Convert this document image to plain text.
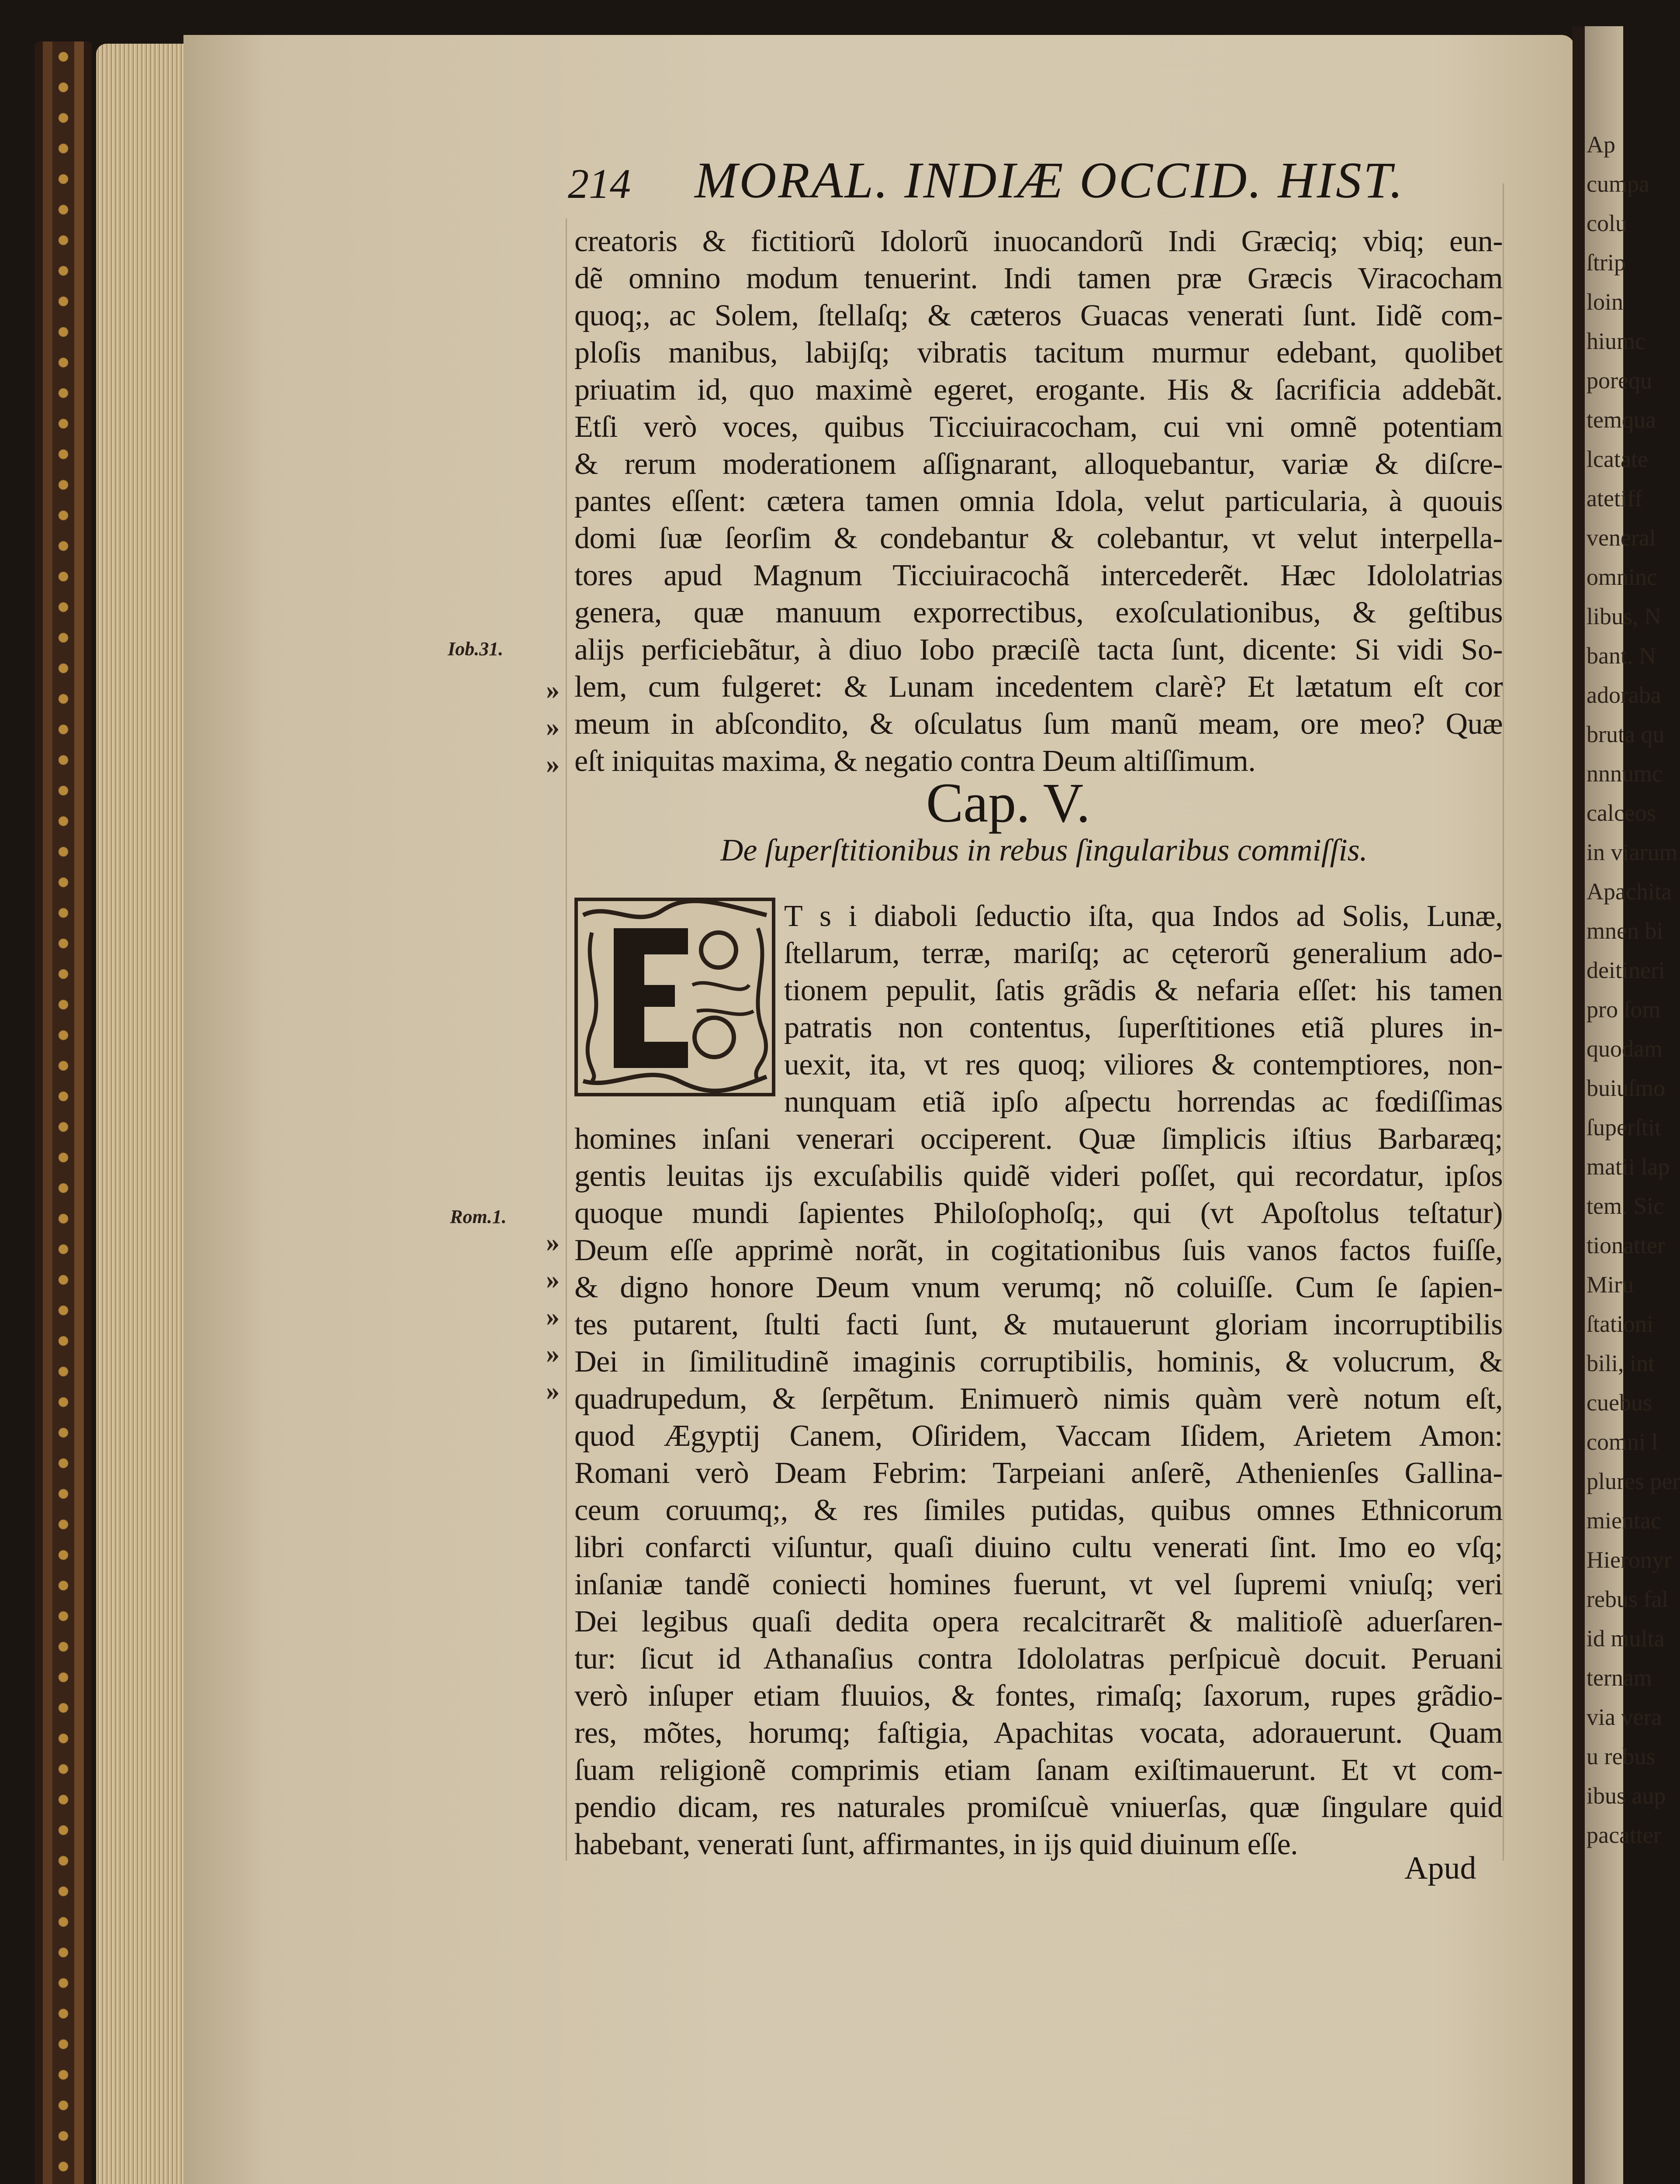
Ap
cumpa
colu
ſtrip
loin
hiumc
porequ
temqua
lcatate
atetiff
veneral
omninc
libus, N
bant. N
adoraba
bruta qu
nnnumc
calceos
in viarum
Apachita
mnen bi
deitineri
pro ſom
quodam
buiuſmo
ſuperſtit
matii lap
tem. Sic
tionatter
Miru
ſtationi
bili, int
cuebus
comni l
plures per
mientac
Hieronyr
rebus fal
id multa
ternam
via vera
u rebus
ibus aup
pacatter
214 MORAL. INDIÆ OCCID. HIST.
creatoris & fictitiorũ Idolorũ inuocandorũ Indi Græciq; vbiq; eun-
dẽ omnino modum tenuerint. Indi tamen præ Græcis Viracocham
quoq;, ac Solem, ſtellaſq; & cæteros Guacas venerati ſunt. Iidẽ com-
ploſis manibus, labijſq; vibratis tacitum murmur edebant, quolibet
priuatim id, quo maximè egeret, erogante. His & ſacrificia addebãt.
Etſi verò voces, quibus Ticciuiracocham, cui vni omnẽ potentiam
& rerum moderationem aſſignarant, alloquebantur, variæ & diſcre-
pantes eſſent: cætera tamen omnia Idola, velut particularia, à quouis
domi ſuæ ſeorſim & condebantur & colebantur, vt velut interpella-
tores apud Magnum Ticciuiracochã intercederẽt. Hæc Idololatrias
genera, quæ manuum exporrectibus, exoſculationibus, & geſtibus
alijs perficiebãtur, à diuo Iobo præciſè tacta ſunt, dicente: Si vidi So-
lem, cum fulgeret: & Lunam incedentem clarè? Et lætatum eſt cor
meum in abſcondito, & oſculatus ſum manũ meam, ore meo? Quæ
eſt iniquitas maxima, & negatio contra Deum altiſſimum.
Iob.31.
»
»
»
Cap. V.
De ſuperſtitionibus in rebus ſingularibus commiſſis.
T s i diaboli ſeductio iſta, qua Indos ad Solis, Lunæ,
ſtellarum, terræ, mariſq; ac cęterorũ generalium ado-
tionem pepulit, ſatis grãdis & nefaria eſſet: his tamen
patratis non contentus, ſuperſtitiones etiã plures in-
uexit, ita, vt res quoq; viliores & contemptiores, non-
nunquam etiã ipſo aſpectu horrendas ac fœdiſſimas
homines inſani venerari occiperent. Quæ ſimplicis iſtius Barbaræq;
gentis leuitas ijs excuſabilis quidẽ videri poſſet, qui recordatur, ipſos
quoque mundi ſapientes Philoſophoſq;, qui (vt Apoſtolus teſtatur)
Deum eſſe apprimè norãt, in cogitationibus ſuis vanos factos fuiſſe,
& digno honore Deum vnum verumq; nõ coluiſſe. Cum ſe ſapien-
tes putarent, ſtulti facti ſunt, & mutauerunt gloriam incorruptibilis
Dei in ſimilitudinẽ imaginis corruptibilis, hominis, & volucrum, &
quadrupedum, & ſerpẽtum. Enimuerò nimis quàm verè notum eſt,
quod Ægyptij Canem, Oſiridem, Vaccam Iſidem, Arietem Amon:
Romani verò Deam Febrim: Tarpeiani anſerẽ, Athenienſes Gallina-
ceum coruumq;, & res ſimiles putidas, quibus omnes Ethnicorum
libri confarcti viſuntur, quaſi diuino cultu venerati ſint. Imo eo vſq;
inſaniæ tandẽ coniecti homines fuerunt, vt vel ſupremi vniuſq; veri
Dei legibus quaſi dedita opera recalcitrarẽt & malitioſè aduerſaren-
tur: ſicut id Athanaſius contra Idololatras perſpicuè docuit. Peruani
verò inſuper etiam fluuios, & fontes, rimaſq; ſaxorum, rupes grãdio-
res, mõtes, horumq; faſtigia, Apachitas vocata, adorauerunt. Quam
ſuam religionẽ comprimis etiam ſanam exiſtimauerunt. Et vt com-
pendio dicam, res naturales promiſcuè vniuerſas, quæ ſingulare quid
habebant, venerati ſunt, affirmantes, in ijs quid diuinum eſſe.
Rom.1.
»
»
»
»
»
Apud
